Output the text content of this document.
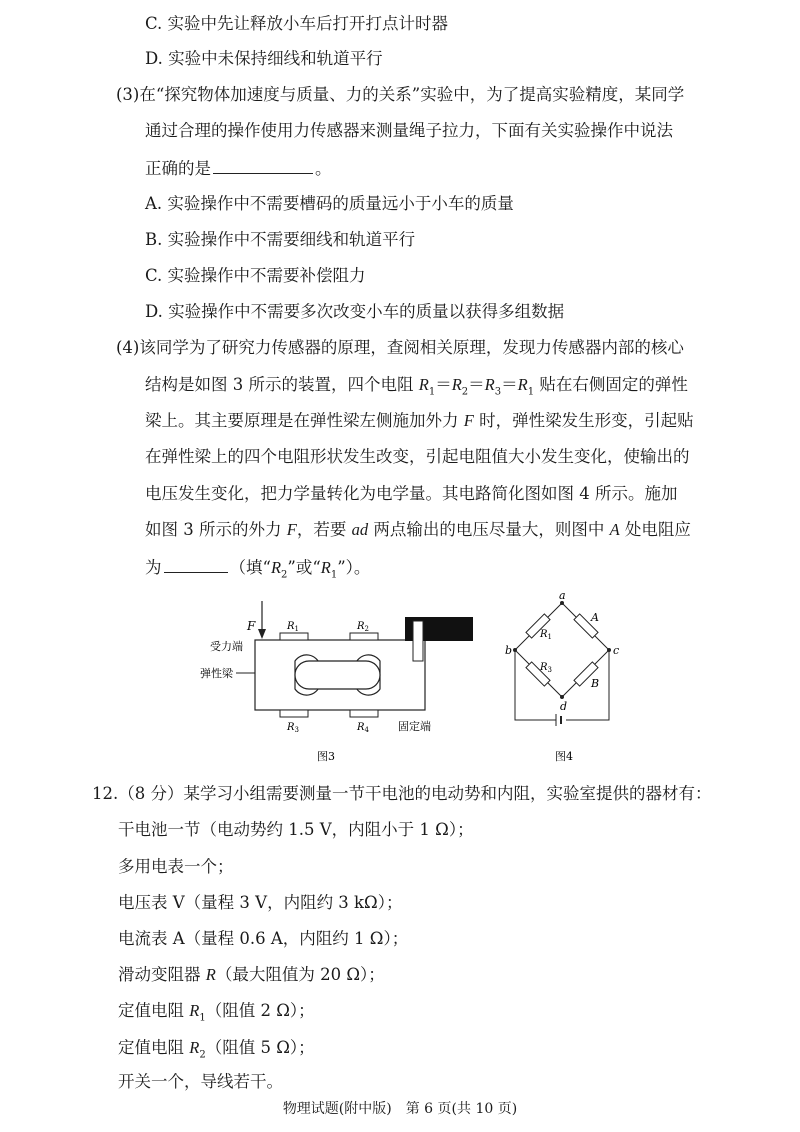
C. 实验中先让释放小车后打开打点计时器
D. 实验中未保持细线和轨道平行
(3)在“探究物体加速度与质量、力的关系”实验中，为了提高实验精度，某同学
通过合理的操作使用力传感器来测量绳子拉力，下面有关实验操作中说法
正确的是	。
A. 实验操作中不需要槽码的质量远小于小车的质量
B. 实验操作中不需要细线和轨道平行
C. 实验操作中不需要补偿阻力
D. 实验操作中不需要多次改变小车的质量以获得多组数据
(4)该同学为了研究力传感器的原理，查阅相关原理，发现力传感器内部的核心
结构是如图 3 所示的装置，四个电阻 $R_1=R_2=R_3=R_1$ 贴在右侧固定的弹性
梁上。其主要原理是在弹性梁左侧施加外力 F 时，弹性梁发生形变，引起贴
在弹性梁上的四个电阻形状发生改变，引起电阻值大小发生变化，使输出的
电压发生变化，把力学量转化为电学量。其电路简化图如图 4 所示。施加
如图 3 所示的外力 F，若要 ad 两点输出的电压尽量大，则图中 A 处电阻应
为	（填“$R_2$”或“$R_1$”）。
F	$R_1$	$R_2$
$R_3$	$R_4$
受力端
弹性梁
固定端
图3
a
b	c
d
A
B
$R_1$
$R_3$
图4
12.（8 分）某学习小组需要测量一节干电池的电动势和内阻，实验室提供的器材有：
干电池一节（电动势约 1.5 V，内阻小于 1 Ω）；
多用电表一个；
电压表 V（量程 3 V，内阻约 3 kΩ）；
电流表 A（量程 0.6 A，内阻约 1 Ω）；
滑动变阻器 R（最大阻值为 20 Ω）；
定值电阻 $R_1$（阻值 2 Ω）；
定值电阻 $R_2$（阻值 5 Ω）；
开关一个，导线若干。
物理试题(附中版)　第 6 页(共 10 页)
